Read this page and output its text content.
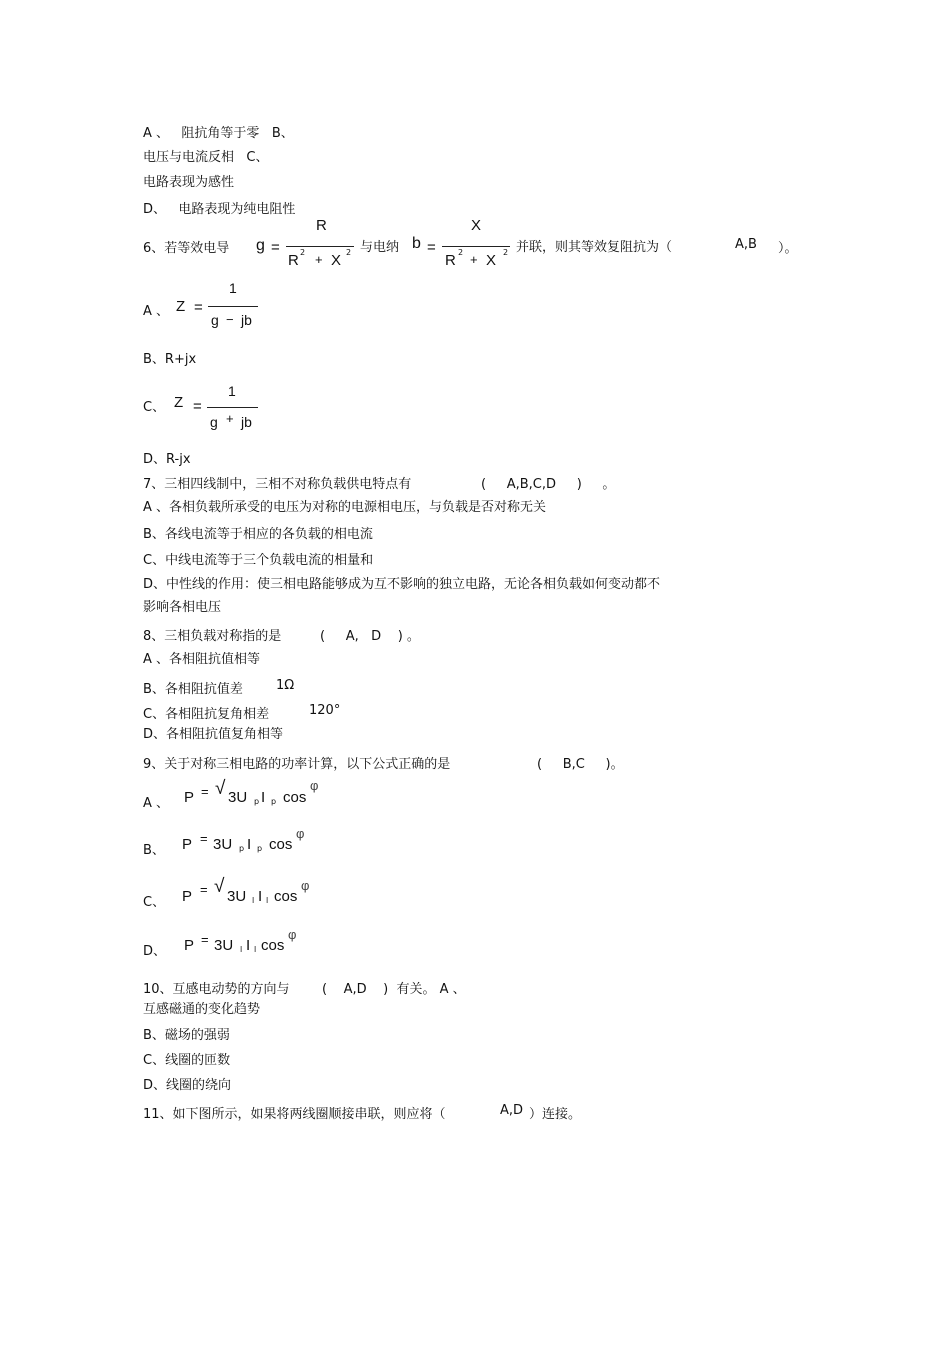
A 、   阻抗角等于零   B、
电压与电流反相   C、
电路表现为感性
D、   电路表现为纯电阻性
6、若等效电导 g =
R
R 2 + X 2 与电纳 b =
X
R 2 + X 2 并联，则其等效复阻抗为（	A,B ）。
A 、 Z =
1
g − jb
B、R+jx
C、 Z =
1
g + jb
D、R-jx
7、三相四线制中，三相不对称负载供电特点有	(     A,B,C,D     )     。
A 、各相负载所承受的电压为对称的电源相电压，与负载是否对称无关
B、各线电流等于相应的各负载的相电流
C、中线电流等于三个负载电流的相量和
D、中性线的作用：使三相电路能够成为互不影响的独立电路，无论各相负载如何变动都不
影响各相电压
8、三相负载对称指的是	(     A,   D    ) 。
A 、各相阻抗值相等
B、各相阻抗值差	1Ω
C、各相阻抗复角相差	120°
D、各相阻抗值复角相等
9、关于对称三相电路的功率计算，以下公式正确的是	(     B,C     )。
A 、 P = √ 3U p I p cos
φ
B、 P = 3U p I p cos
φ
C、 P = √ 3U l I l cos
φ
D、 P = 3U l I l cos
φ
10、互感电动势的方向与 (    A,D    )  有关。 A 、
互感磁通的变化趋势
B、磁场的强弱
C、线圈的匝数
D、线圈的绕向
11、如下图所示，如果将两线圈顺接串联，则应将（	A,D ）连接。
